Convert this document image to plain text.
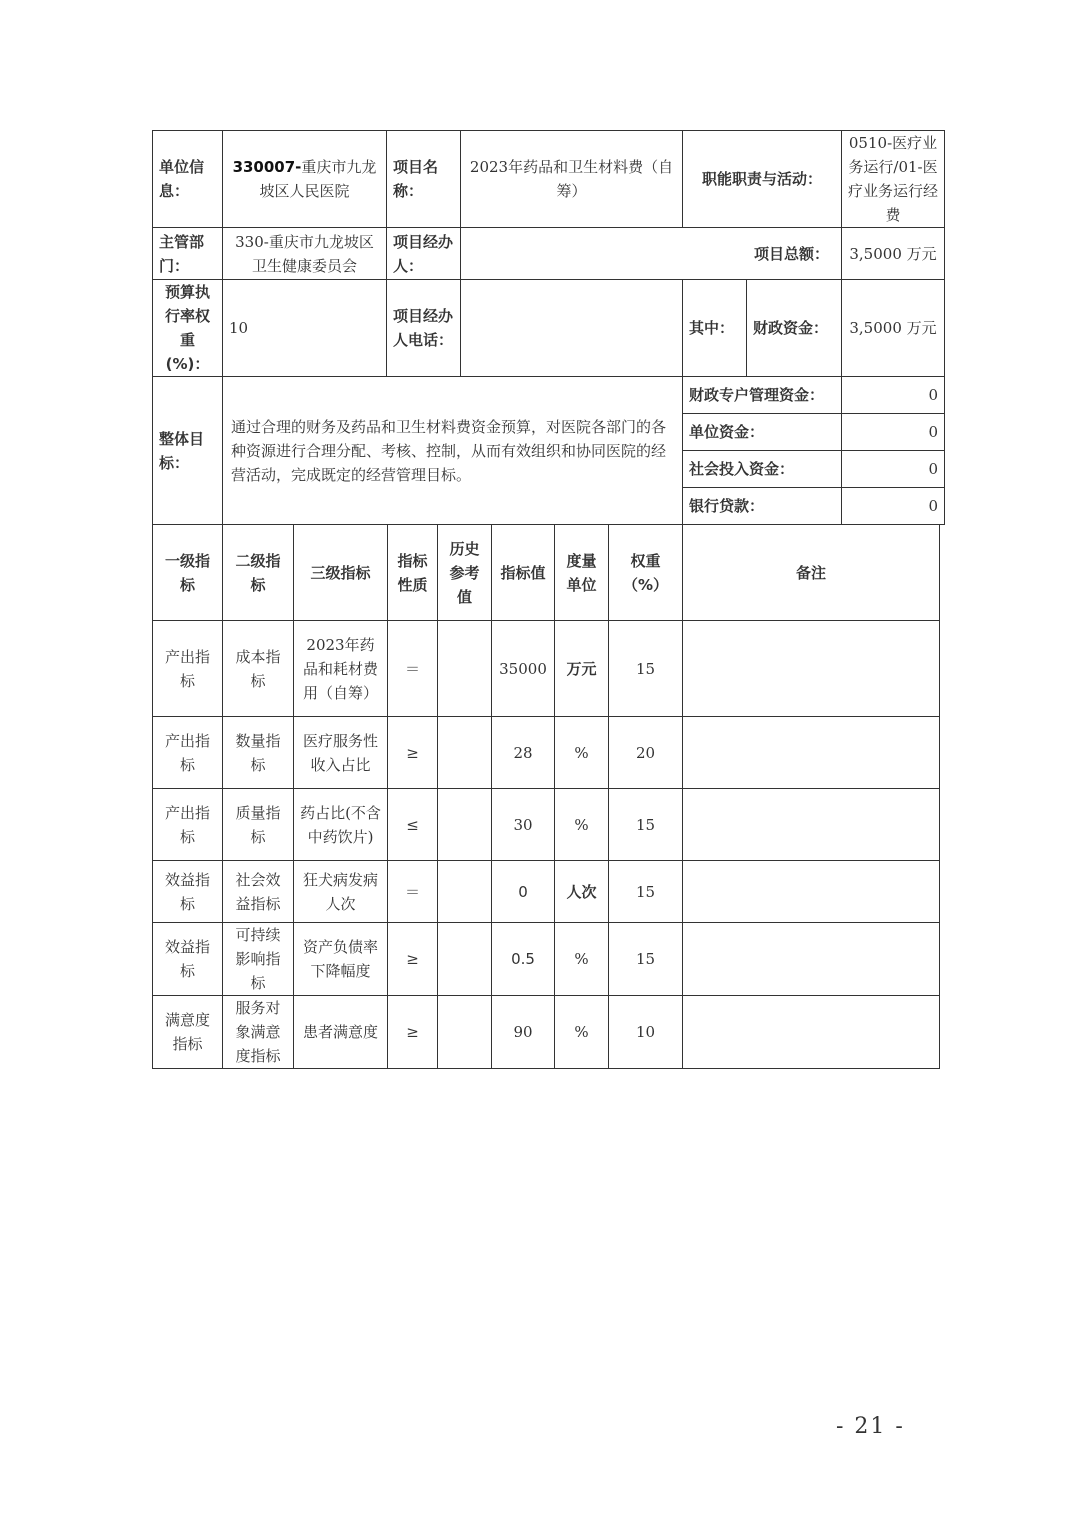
单位信息：	330007-重庆市九龙坡区人民医院	项目名称：	2023年药品和卫生材料费（自筹）	职能职责与活动：		0510-医疗业务运行/01-医疗业务运行经费
主管部门：	330-重庆市九龙坡区卫生健康委员会	项目经办人：	项目总额：			3,5000 万元
预算执行率权重(%)：	10	项目经办人电话：		其中：	财政资金：	3,5000 万元
整体目标：	通过合理的财务及药品和卫生材料费资金预算，对医院各部门的各种资源进行合理分配、考核、控制，从而有效组织和协同医院的经营活动，完成既定的经营管理目标。			财政专户管理资金：		0
				单位资金：		0
				社会投入资金：		0
				银行贷款：		0
一级指标	二级指标	三级指标	指标性质	历史参考值	指标值	度量单位	权重（%）	备注
产出指标	成本指标	2023年药品和耗材费用（自筹）	＝		35000	万元	15	
产出指标	数量指标	医疗服务性收入占比	≥		28	%	20	
产出指标	质量指标	药占比(不含中药饮片)	≤		30	%	15	
效益指标	社会效益指标	狂犬病发病人次	＝		0	人次	15	
效益指标	可持续影响指标	资产负债率下降幅度	≥		0.5	%	15	
满意度指标	服务对象满意度指标	患者满意度	≥		90	%	10	
- 21 -
